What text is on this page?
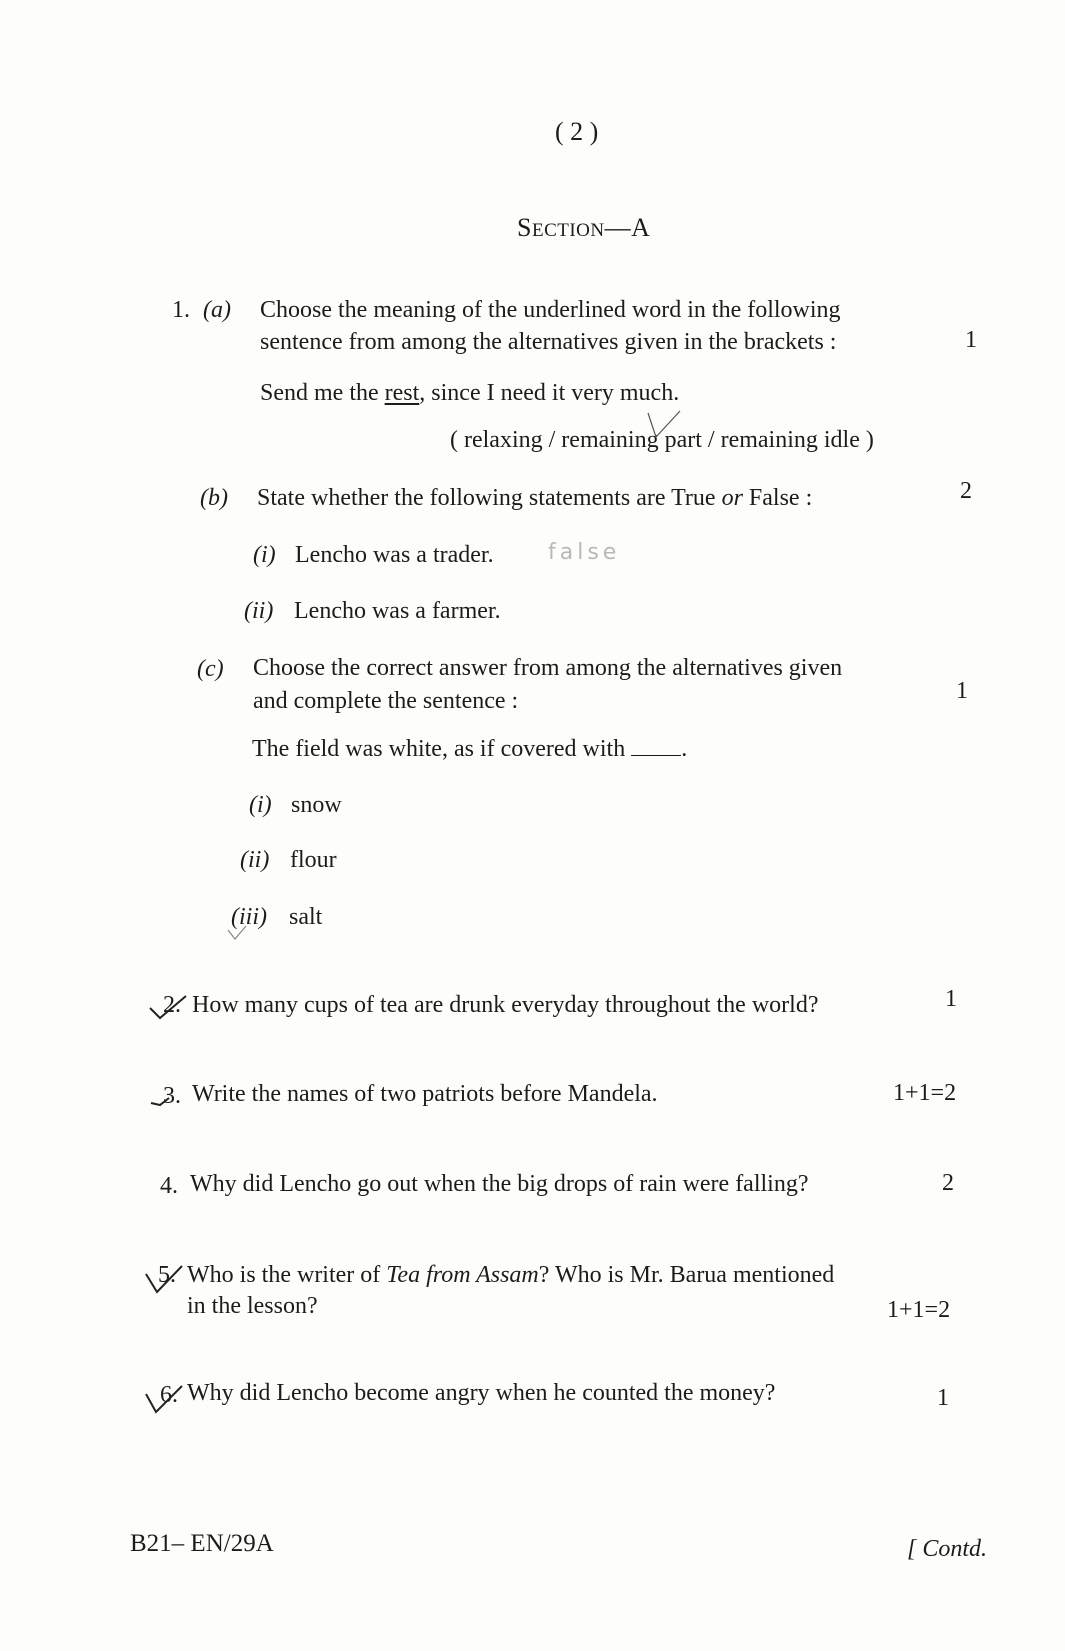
( 2 )
SECTION—A
1. (a) Choose the meaning of the underlined word in the following
sentence from among the alternatives given in the brackets :	1
Send me the rest, since I need it very much.
( relaxing / remaining part / remaining idle )
(b) State whether the following statements are True or False :	2
(i) Lencho was a trader. false
(ii) Lencho was a farmer.
(c) Choose the correct answer from among the alternatives given
and complete the sentence :	1
The field was white, as if covered with .
(i) snow
(ii) flour
(iii) salt
2. How many cups of tea are drunk everyday throughout the world?	1
3. Write the names of two patriots before Mandela.	1+1=2
4. Why did Lencho go out when the big drops of rain were falling?	2
5. Who is the writer of Tea from Assam? Who is Mr. Barua mentioned
in the lesson?	1+1=2
6. Why did Lencho become angry when he counted the money?	1
B21– EN/29A	[ Contd.
